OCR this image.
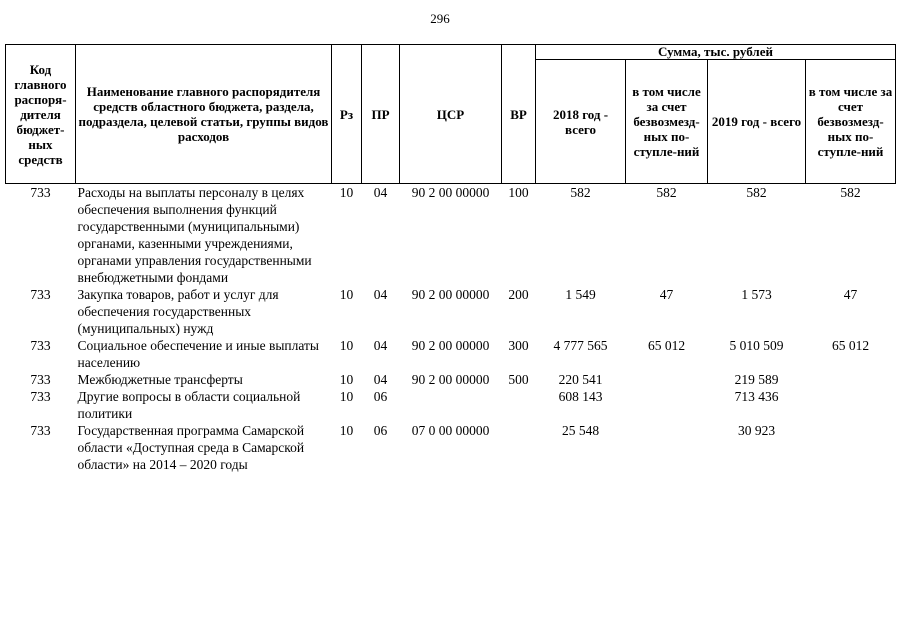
296
Код главного распоря-дителя бюджет-ных средств	Наименование главного распорядителя средств областного бюджета, раздела, подраздела, целевой статьи, группы видов расходов	Рз	ПР	ЦСР	ВР	Сумма, тыс. рублей			
						2018 год - всего	в том числе за счет безвозмезд-ных по-ступле-ний	2019 год - всего	в том числе за счет безвозмезд-ных по-ступле-ний
733	Расходы на выплаты персоналу в целях обеспечения выполнения функций государственными (муниципальными) органами, казенными учреждениями, органами управления государственными внебюджетными фондами	10	04	90 2 00 00000	100	582	582	582	582
733	Закупка товаров, работ и услуг для обеспечения государственных (муниципальных) нужд	10	04	90 2 00 00000	200	1 549	47	1 573	47
733	Социальное обеспечение и иные выплаты населению	10	04	90 2 00 00000	300	4 777 565	65 012	5 010 509	65 012
733	Межбюджетные трансферты	10	04	90 2 00 00000	500	220 541		219 589	
733	Другие вопросы в области социальной политики	10	06			608 143		713 436	
733	Государственная программа Самарской области «Доступная среда в Самарской области» на 2014 – 2020 годы	10	06	07 0 00 00000		25 548		30 923	
